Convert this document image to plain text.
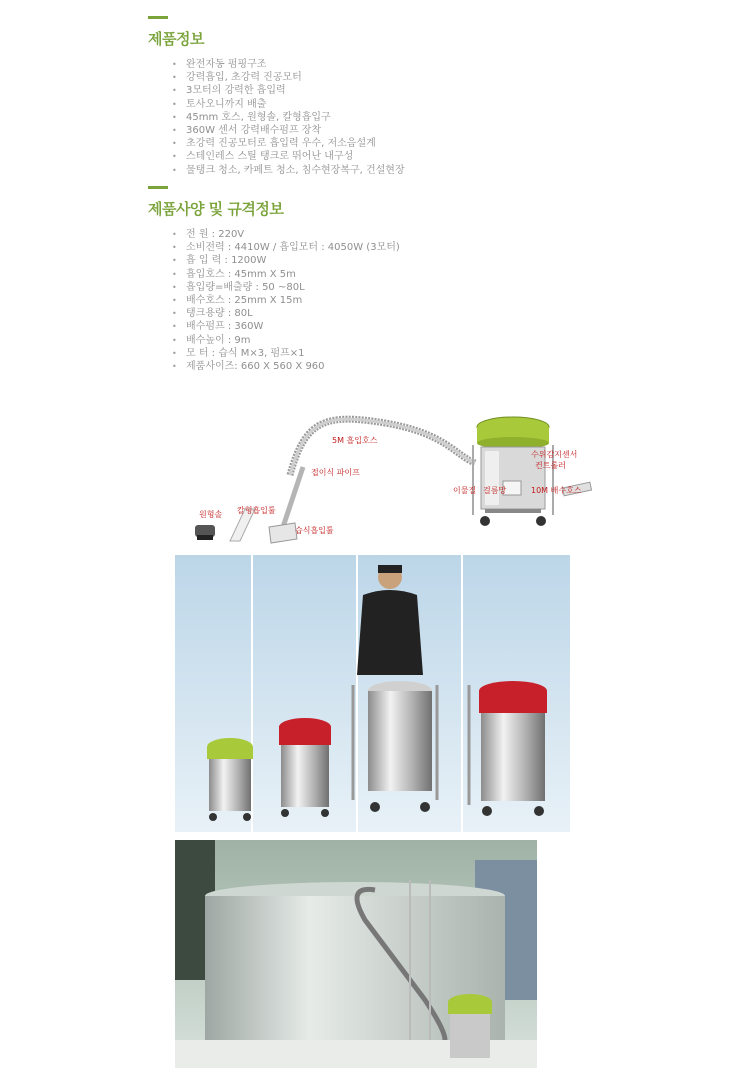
제품정보
• 완전자동 펌핑구조
• 강력흡입, 초강력 진공모터
• 3모터의 강력한 흡입력
• 토사오니까지 배출
• 45mm 호스, 원형솔, 칼형흡입구
• 360W 센서 강력배수펌프 장착
• 초강력 진공모터로 흡입력 우수, 저소음설계
• 스테인레스 스틸 탱크로 뛰어난 내구성
• 물탱크 청소, 카페트 청소, 침수현장복구, 건설현장
제품사양 및 규격정보
• 전 원 : 220V
• 소비전력 : 4410W / 흡입모터 : 4050W (3모터)
• 흡 입 력 : 1200W
• 흡입호스 : 45mm X 5m
• 흡입량=배출량 : 50 ~80L
• 배수호스 : 25mm X 15m
• 탱크용량 : 80L
• 배수펌프 : 360W
• 배수높이 : 9m
• 모 터 : 습식 M×3, 펌프×1
• 제품사이즈: 660 X 560 X 960
5M 흡입호스
접이식 파이프
수위감지센서
컨트롤러
이물질 걸름망	10M 배수호스
원형솔 칼형흡입툴
습식흡입툴
